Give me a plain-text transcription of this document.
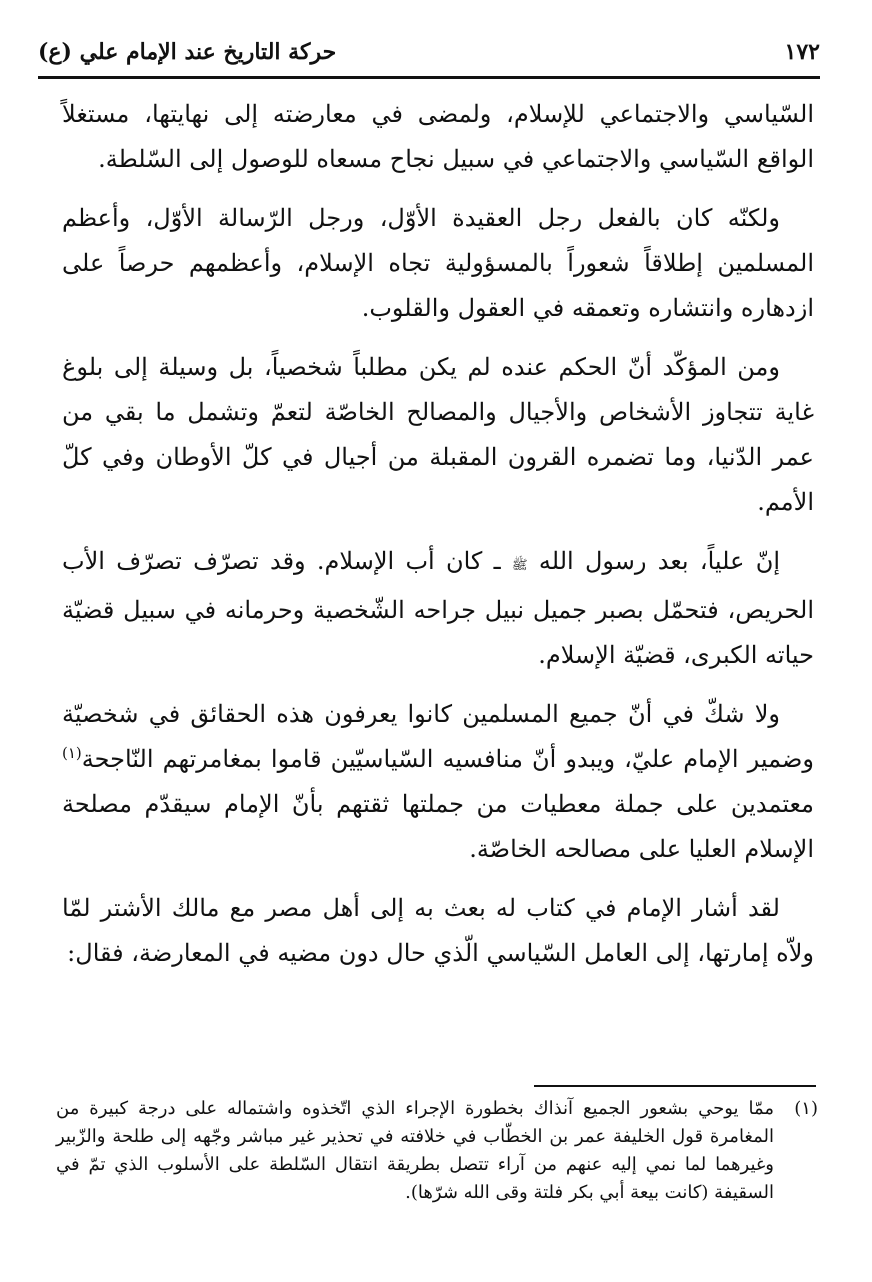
١٧٢
حركة التاريخ عند الإمام علي (ع)

السّياسي والاجتماعي للإسلام، ولمضى في معارضته إلى نهايتها، مستغلاً الواقع السّياسي والاجتماعي في سبيل نجاح مسعاه للوصول إلى السّلطة.

ولكنّه كان بالفعل رجل العقيدة الأوّل، ورجل الرّسالة الأوّل، وأعظم المسلمين إطلاقاً شعوراً بالمسؤولية تجاه الإسلام، وأعظمهم حرصاً على ازدهاره وانتشاره وتعمقه في العقول والقلوب.

ومن المؤكّد أنّ الحكم عنده لم يكن مطلباً شخصياً، بل وسيلة إلى بلوغ غاية تتجاوز الأشخاص والأجيال والمصالح الخاصّة لتعمّ وتشمل ما بقي من عمر الدّنيا، وما تضمره القرون المقبلة من أجيال في كلّ الأوطان وفي كلّ الأمم.

إنّ علياً، بعد رسول الله ﷺ ـ كان أب الإسلام. وقد تصرّف تصرّف الأب الحريص، فتحمّل بصبر جميل نبيل جراحه الشّخصية وحرمانه في سبيل قضيّة حياته الكبرى، قضيّة الإسلام.

ولا شكّ في أنّ جميع المسلمين كانوا يعرفون هذه الحقائق في شخصيّة وضمير الإمام عليّ، ويبدو أنّ منافسيه السّياسيّين قاموا بمغامرتهم النّاجحة$^{(١)}$ معتمدين على جملة معطيات من جملتها ثقتهم بأنّ الإمام سيقدّم مصلحة الإسلام العليا على مصالحه الخاصّة.

لقد أشار الإمام في كتاب له بعث به إلى أهل مصر مع مالك الأشتر لمّا ولاّه إمارتها، إلى العامل السّياسي الّذي حال دون مضيه في المعارضة، فقال:

(١)
ممّا يوحي بشعور الجميع آنذاك بخطورة الإجراء الذي اتّخذوه واشتماله على درجة كبيرة من المغامرة قول الخليفة عمر بن الخطّاب في خلافته في تحذير غير مباشر وجّهه إلى طلحة والزّبير وغيرهما لما نمي إليه عنهم من آراء تتصل بطريقة انتقال السّلطة على الأسلوب الذي تمّ في السقيفة (كانت بيعة أبي بكر فلتة وقى الله شرّها).
